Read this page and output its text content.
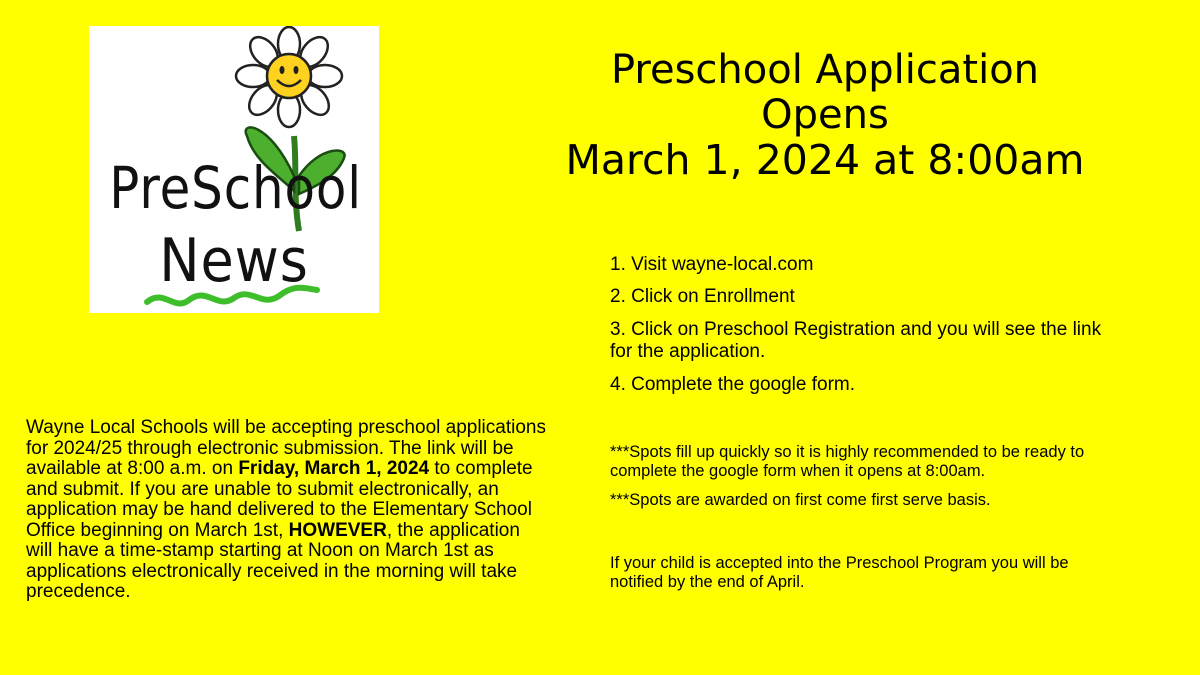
PreSchool
News
Preschool Application
Opens
March 1, 2024 at 8:00am
1. Visit wayne-local.com
2. Click on Enrollment
3. Click on Preschool Registration and you will see the link for the application.
4. Complete the google form.
***Spots fill up quickly so it is highly recommended to be ready to complete the google form when it opens at 8:00am.
***Spots are awarded on first come first serve basis.
If your child is accepted into the Preschool Program you will be notified by the end of April.
Wayne Local Schools will be accepting preschool applications for 2024/25 through electronic submission. The link will be available at 8:00 a.m. on Friday, March 1, 2024 to complete and submit. If you are unable to submit electronically, an application may be hand delivered to the Elementary School Office beginning on March 1st, HOWEVER, the application will have a time-stamp starting at Noon on March 1st as applications electronically received in the morning will take precedence.
